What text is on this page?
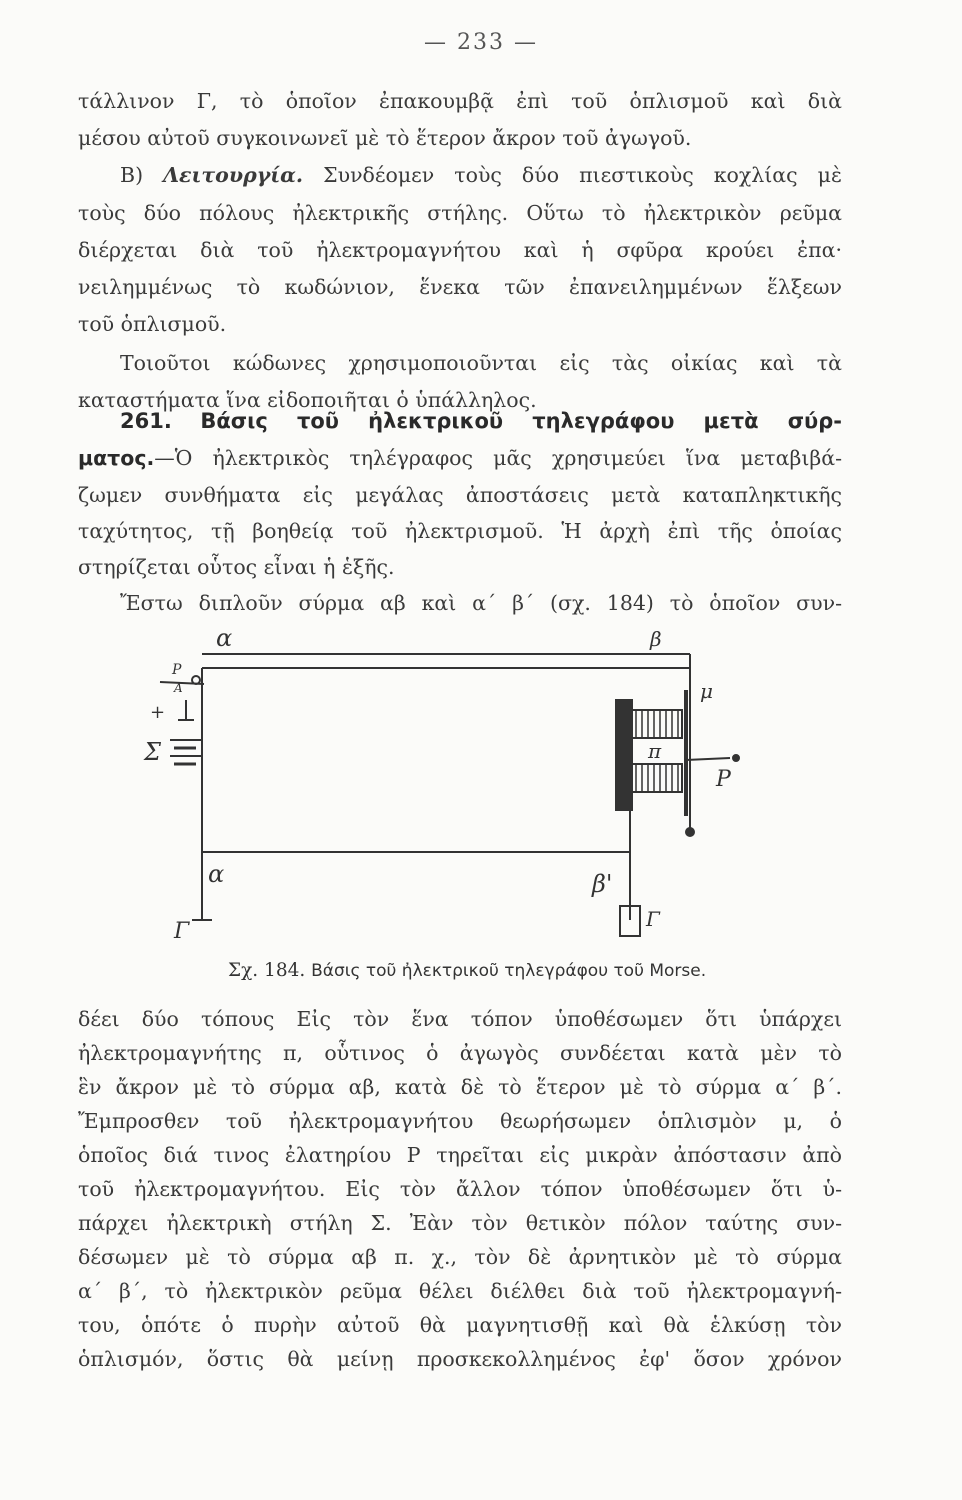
— 233 —
τάλλινον Γ, τὸ ὁποῖον ἐπακουμβᾷ ἐπὶ τοῦ ὁπλισμοῦ καὶ διὰ
μέσου αὐτοῦ συγκοινωνεῖ μὲ τὸ ἕτερον ἄκρον τοῦ ἀγωγοῦ.
Β) Λειτουργία. Συνδέομεν τοὺς δύο πιεστικοὺς κοχλίας μὲ
τοὺς δύο πόλους ἠλεκτρικῆς στήλης. Οὕτω τὸ ἠλεκτρικὸν ρεῦμα
διέρχεται διὰ τοῦ ἠλεκτρομαγνήτου καὶ ἡ σφῦρα κρούει ἐπα·
νειλημμένως τὸ κωδώνιον, ἕνεκα τῶν ἐπανειλημμένων ἕλξεων
τοῦ ὁπλισμοῦ.
Τοιοῦτοι κώδωνες χρησιμοποιοῦνται εἰς τὰς οἰκίας καὶ τὰ
καταστήματα ἵνα εἰδοποιῆται ὁ ὑπάλληλος.
261. Βάσις τοῦ ἠλεκτρικοῦ τηλεγράφου μετὰ σύρ-
ματος.—Ὁ ἠλεκτρικὸς τηλέγραφος μᾶς χρησιμεύει ἵνα μεταβιβά-
ζωμεν συνθήματα εἰς μεγάλας ἀποστάσεις μετὰ καταπληκτικῆς
ταχύτητος, τῇ βοηθείᾳ τοῦ ἠλεκτρισμοῦ. Ἡ ἀρχὴ ἐπὶ τῆς ὁποίας
στηρίζεται οὗτος εἶναι ἡ ἑξῆς.
Ἔστω διπλοῦν σύρμα αβ καὶ α΄ β΄ (σχ. 184) τὸ ὁποῖον συν-
α	β
μ
π
P
Σ
α	β'
Γ	Γ
+
P
A
Σχ. 184. Βάσις τοῦ ἠλεκτρικοῦ τηλεγράφου τοῦ Morse.
δέει δύο τόπους Εἰς τὸν ἕνα τόπον ὑποθέσωμεν ὅτι ὑπάρχει
ἠλεκτρομαγνήτης π, οὗτινος ὁ ἀγωγὸς συνδέεται κατὰ μὲν τὸ
ἓν ἄκρον μὲ τὸ σύρμα αβ, κατὰ δὲ τὸ ἕτερον μὲ τὸ σύρμα α΄ β΄.
Ἔμπροσθεν τοῦ ἠλεκτρομαγνήτου θεωρήσωμεν ὁπλισμὸν μ, ὁ
ὁποῖος διά τινος ἐλατηρίου P τηρεῖται εἰς μικρὰν ἀπόστασιν ἀπὸ
τοῦ ἠλεκτρομαγνήτου. Εἰς τὸν ἄλλον τόπον ὑποθέσωμεν ὅτι ὑ-
πάρχει ἠλεκτρικὴ στήλη Σ. Ἐὰν τὸν θετικὸν πόλον ταύτης συν-
δέσωμεν μὲ τὸ σύρμα αβ π. χ., τὸν δὲ ἀρνητικὸν μὲ τὸ σύρμα
α΄ β΄, τὸ ἠλεκτρικὸν ρεῦμα θέλει διέλθει διὰ τοῦ ἠλεκτρομαγνή-
του, ὁπότε ὁ πυρὴν αὐτοῦ θὰ μαγνητισθῇ καὶ θὰ ἑλκύσῃ τὸν
ὁπλισμόν, ὅστις θὰ μείνῃ προσκεκολλημένος ἐφ' ὅσον χρόνον
